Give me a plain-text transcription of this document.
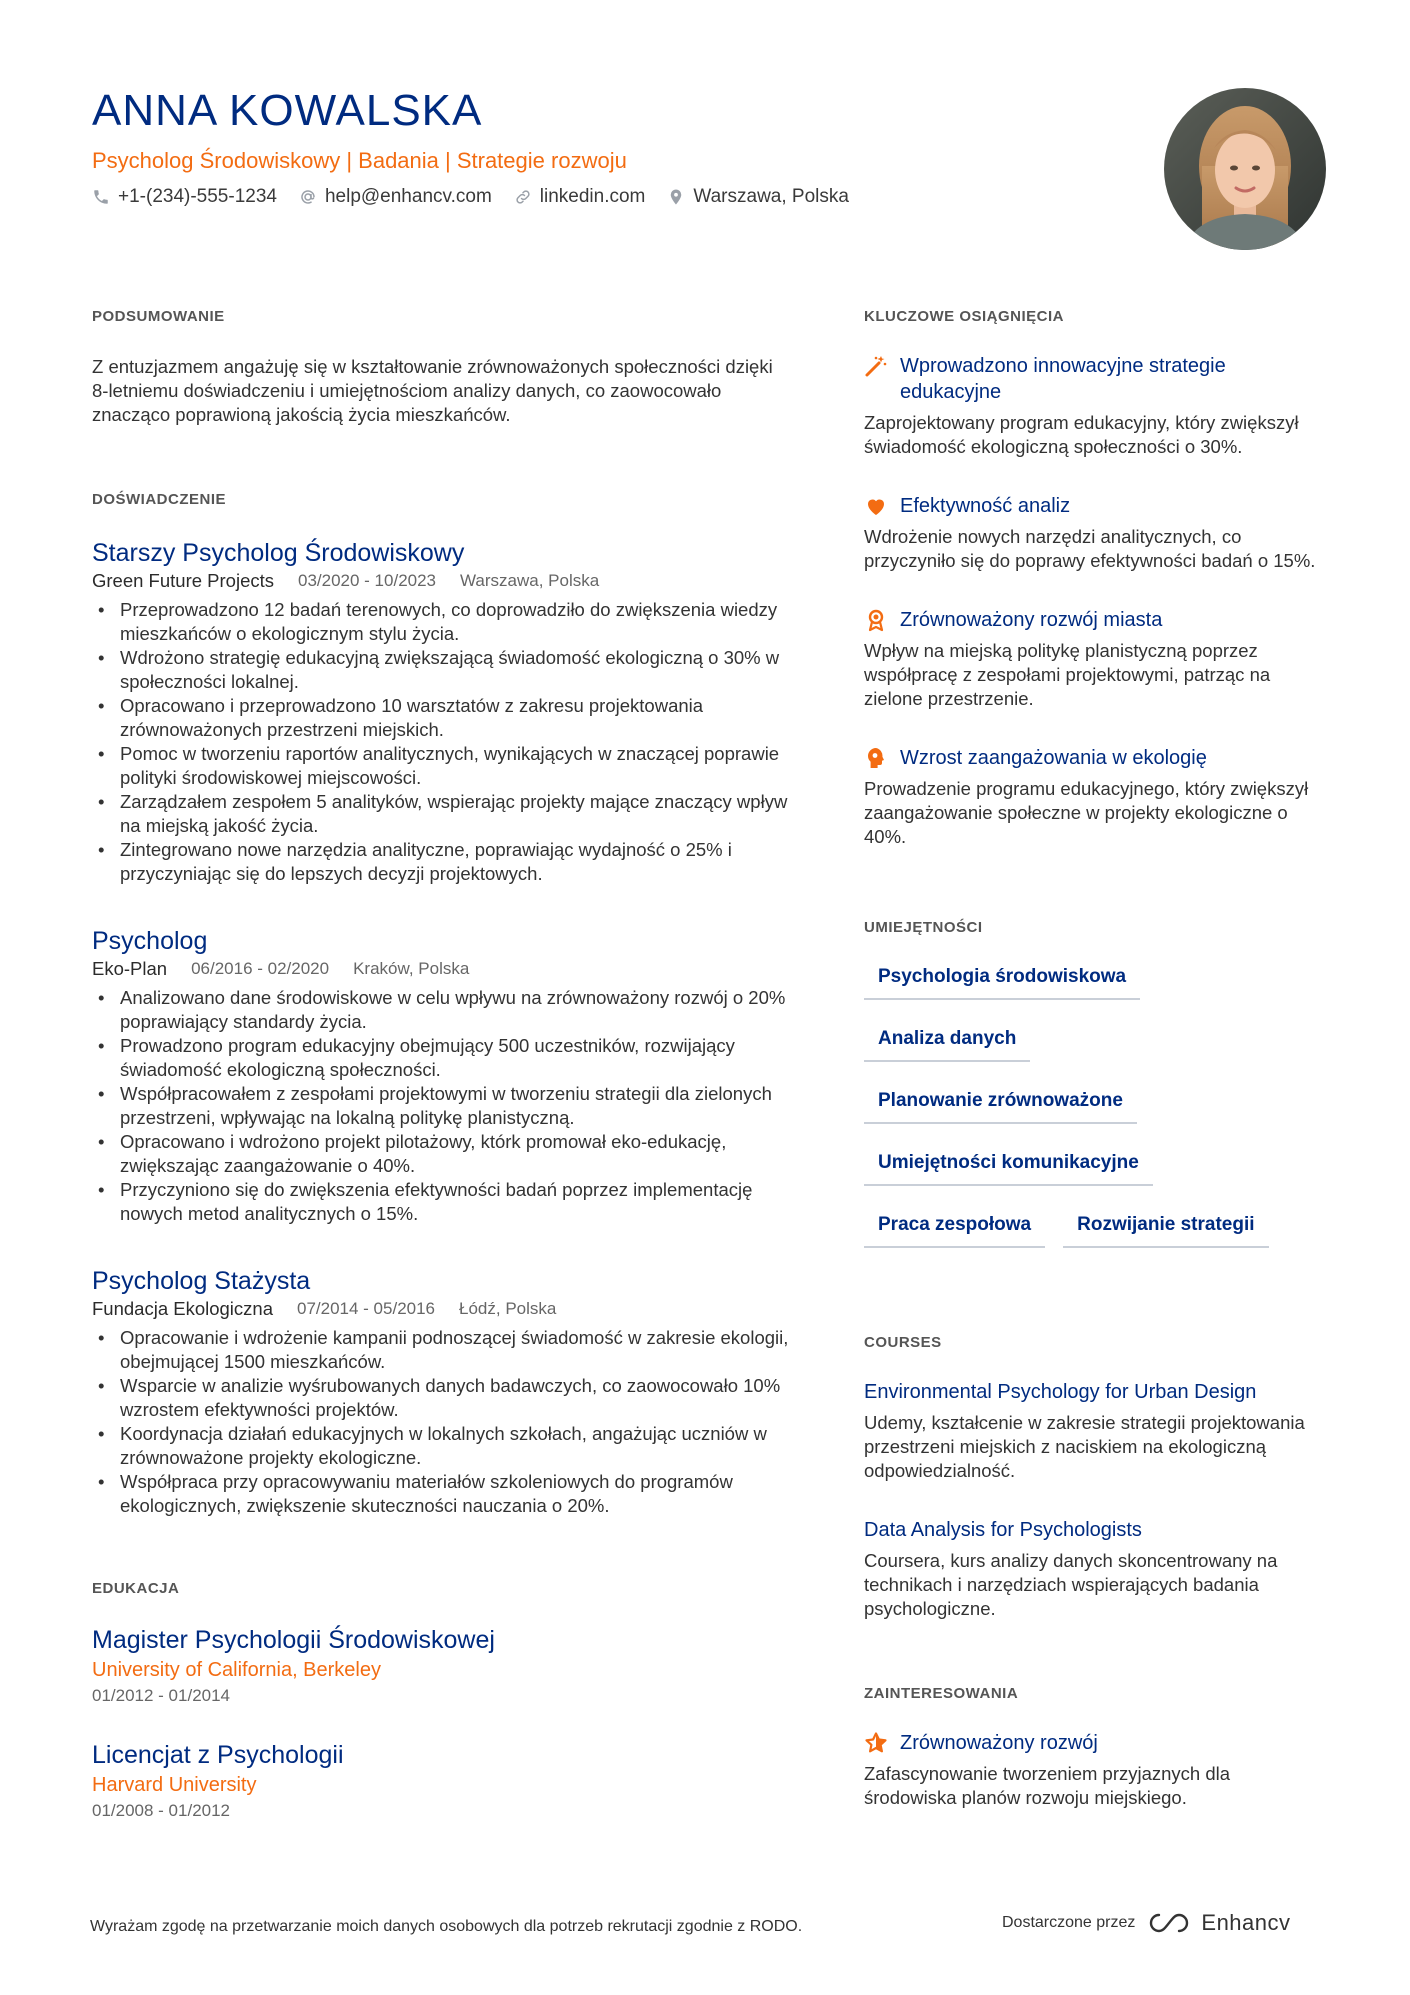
ANNA KOWALSKA
Psycholog Środowiskowy | Badania | Strategie rozwoju
+1-(234)-555-1234	help@enhancv.com	linkedin.com	Warszawa, Polska
PODSUMOWANIE
Z entuzjazmem angażuję się w kształtowanie zrównoważonych społeczności dzięki 8-letniemu doświadczeniu i umiejętnościom analizy danych, co zaowocowało znacząco poprawioną jakością życia mieszkańców.
DOŚWIADCZENIE
Starszy Psycholog Środowiskowy
Green Future Projects 03/2020 - 10/2023 Warszawa, Polska
• Przeprowadzono 12 badań terenowych, co doprowadziło do zwiększenia wiedzy mieszkańców o ekologicznym stylu życia.
• Wdrożono strategię edukacyjną zwiększającą świadomość ekologiczną o 30% w społeczności lokalnej.
• Opracowano i przeprowadzono 10 warsztatów z zakresu projektowania zrównoważonych przestrzeni miejskich.
• Pomoc w tworzeniu raportów analitycznych, wynikających w znaczącej poprawie polityki środowiskowej miejscowości.
• Zarządzałem zespołem 5 analityków, wspierając projekty mające znaczący wpływ na miejską jakość życia.
• Zintegrowano nowe narzędzia analityczne, poprawiając wydajność o 25% i przyczyniając się do lepszych decyzji projektowych.
Psycholog
Eko-Plan 06/2016 - 02/2020 Kraków, Polska
• Analizowano dane środowiskowe w celu wpływu na zrównoważony rozwój o 20% poprawiający standardy życia.
• Prowadzono program edukacyjny obejmujący 500 uczestników, rozwijający świadomość ekologiczną społeczności.
• Współpracowałem z zespołami projektowymi w tworzeniu strategii dla zielonych przestrzeni, wpływając na lokalną politykę planistyczną.
• Opracowano i wdrożono projekt pilotażowy, którk promował eko-edukację, zwiększając zaangażowanie o 40%.
• Przyczyniono się do zwiększenia efektywności badań poprzez implementację nowych metod analitycznych o 15%.
Psycholog Stażysta
Fundacja Ekologiczna 07/2014 - 05/2016 Łódź, Polska
• Opracowanie i wdrożenie kampanii podnoszącej świadomość w zakresie ekologii, obejmującej 1500 mieszkańców.
• Wsparcie w analizie wyśrubowanych danych badawczych, co zaowocowało 10% wzrostem efektywności projektów.
• Koordynacja działań edukacyjnych w lokalnych szkołach, angażując uczniów w zrównoważone projekty ekologiczne.
• Współpraca przy opracowywaniu materiałów szkoleniowych do programów ekologicznych, zwiększenie skuteczności nauczania o 20%.
EDUKACJA
Magister Psychologii Środowiskowej
University of California, Berkeley
01/2012 - 01/2014
Licencjat z Psychologii
Harvard University
01/2008 - 01/2012
KLUCZOWE OSIĄGNIĘCIA
Wprowadzono innowacyjne strategie edukacyjne
Zaprojektowany program edukacyjny, który zwiększył świadomość ekologiczną społeczności o 30%.
Efektywność analiz
Wdrożenie nowych narzędzi analitycznych, co przyczyniło się do poprawy efektywności badań o 15%.
Zrównoważony rozwój miasta
Wpływ na miejską politykę planistyczną poprzez współpracę z zespołami projektowymi, patrząc na zielone przestrzenie.
Wzrost zaangażowania w ekologię
Prowadzenie programu edukacyjnego, który zwiększył zaangażowanie społeczne w projekty ekologiczne o 40%.
UMIEJĘTNOŚCI
Psychologia środowiskowa
Analiza danych
Planowanie zrównoważone
Umiejętności komunikacyjne
Praca zespołowa	Rozwijanie strategii
COURSES
Environmental Psychology for Urban Design
Udemy, kształcenie w zakresie strategii projektowania przestrzeni miejskich z naciskiem na ekologiczną odpowiedzialność.
Data Analysis for Psychologists
Coursera, kurs analizy danych skoncentrowany na technikach i narzędziach wspierających badania psychologiczne.
ZAINTERESOWANIA
Zrównoważony rozwój
Zafascynowanie tworzeniem przyjaznych dla środowiska planów rozwoju miejskiego.
Wyrażam zgodę na przetwarzanie moich danych osobowych dla potrzeb rekrutacji zgodnie z RODO.	Dostarczone przez	Enhancv
